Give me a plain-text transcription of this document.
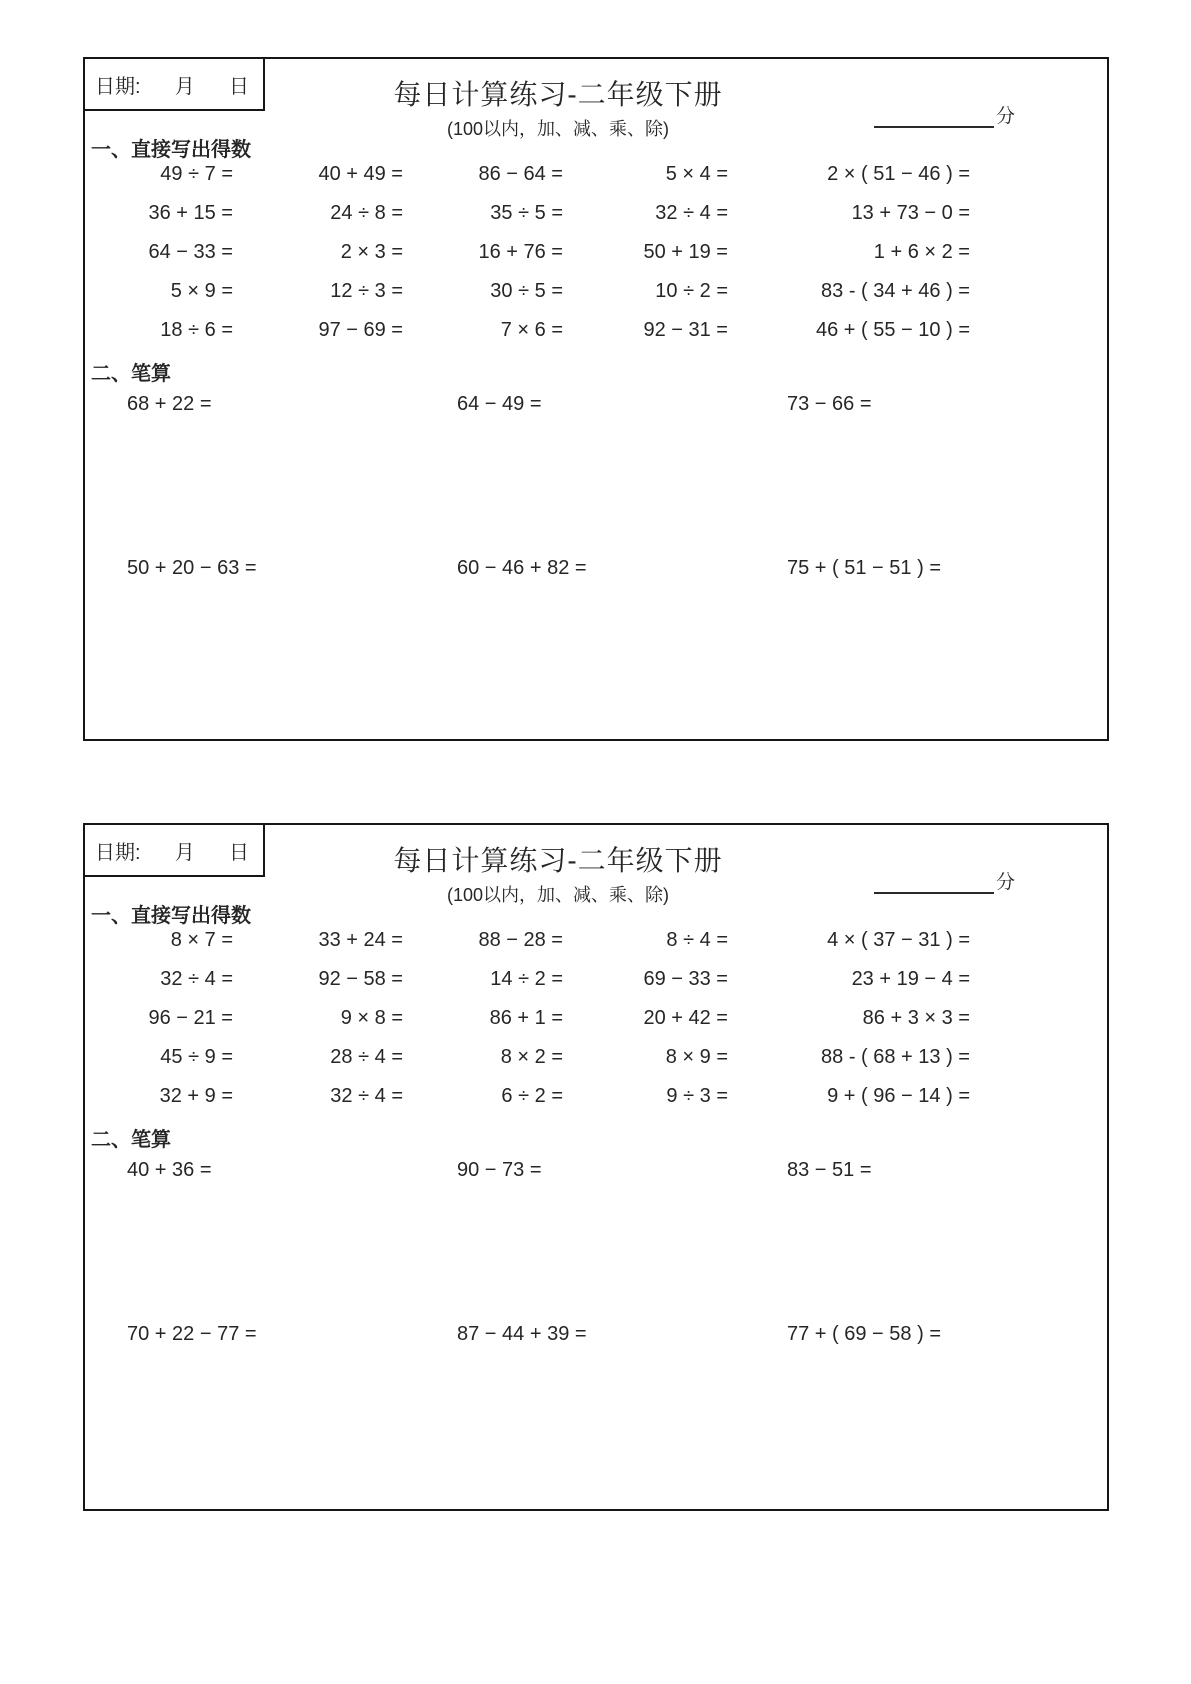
日期: 月 日	每日计算练习-二年级下册
(100以内，加、减、乘、除)
分
一、直接写出得数
49 ÷ 7 =	40 + 49 =	86 − 64 =	5 × 4 =	2 × ( 51 − 46 ) =
36 + 15 =	24 ÷ 8 =	35 ÷ 5 =	32 ÷ 4 =	13 + 73 − 0 =
64 − 33 =	2 × 3 =	16 + 76 =	50 + 19 =	1 + 6 × 2 =
5 × 9 =	12 ÷ 3 =	30 ÷ 5 =	10 ÷ 2 =	83 - ( 34 + 46 ) =
18 ÷ 6 =	97 − 69 =	7 × 6 =	92 − 31 =	46 + ( 55 − 10 ) =
二、笔算
68 + 22 =	64 − 49 =	73 − 66 =
50 + 20 − 63 =	60 − 46 + 82 =	75 + ( 51 − 51 ) =
日期: 月 日	每日计算练习-二年级下册
(100以内，加、减、乘、除)
分
一、直接写出得数
8 × 7 =	33 + 24 =	88 − 28 =	8 ÷ 4 =	4 × ( 37 − 31 ) =
32 ÷ 4 =	92 − 58 =	14 ÷ 2 =	69 − 33 =	23 + 19 − 4 =
96 − 21 =	9 × 8 =	86 + 1 =	20 + 42 =	86 + 3 × 3 =
45 ÷ 9 =	28 ÷ 4 =	8 × 2 =	8 × 9 =	88 - ( 68 + 13 ) =
32 + 9 =	32 ÷ 4 =	6 ÷ 2 =	9 ÷ 3 =	9 + ( 96 − 14 ) =
二、笔算
40 + 36 =	90 − 73 =	83 − 51 =
70 + 22 − 77 =	87 − 44 + 39 =	77 + ( 69 − 58 ) =
